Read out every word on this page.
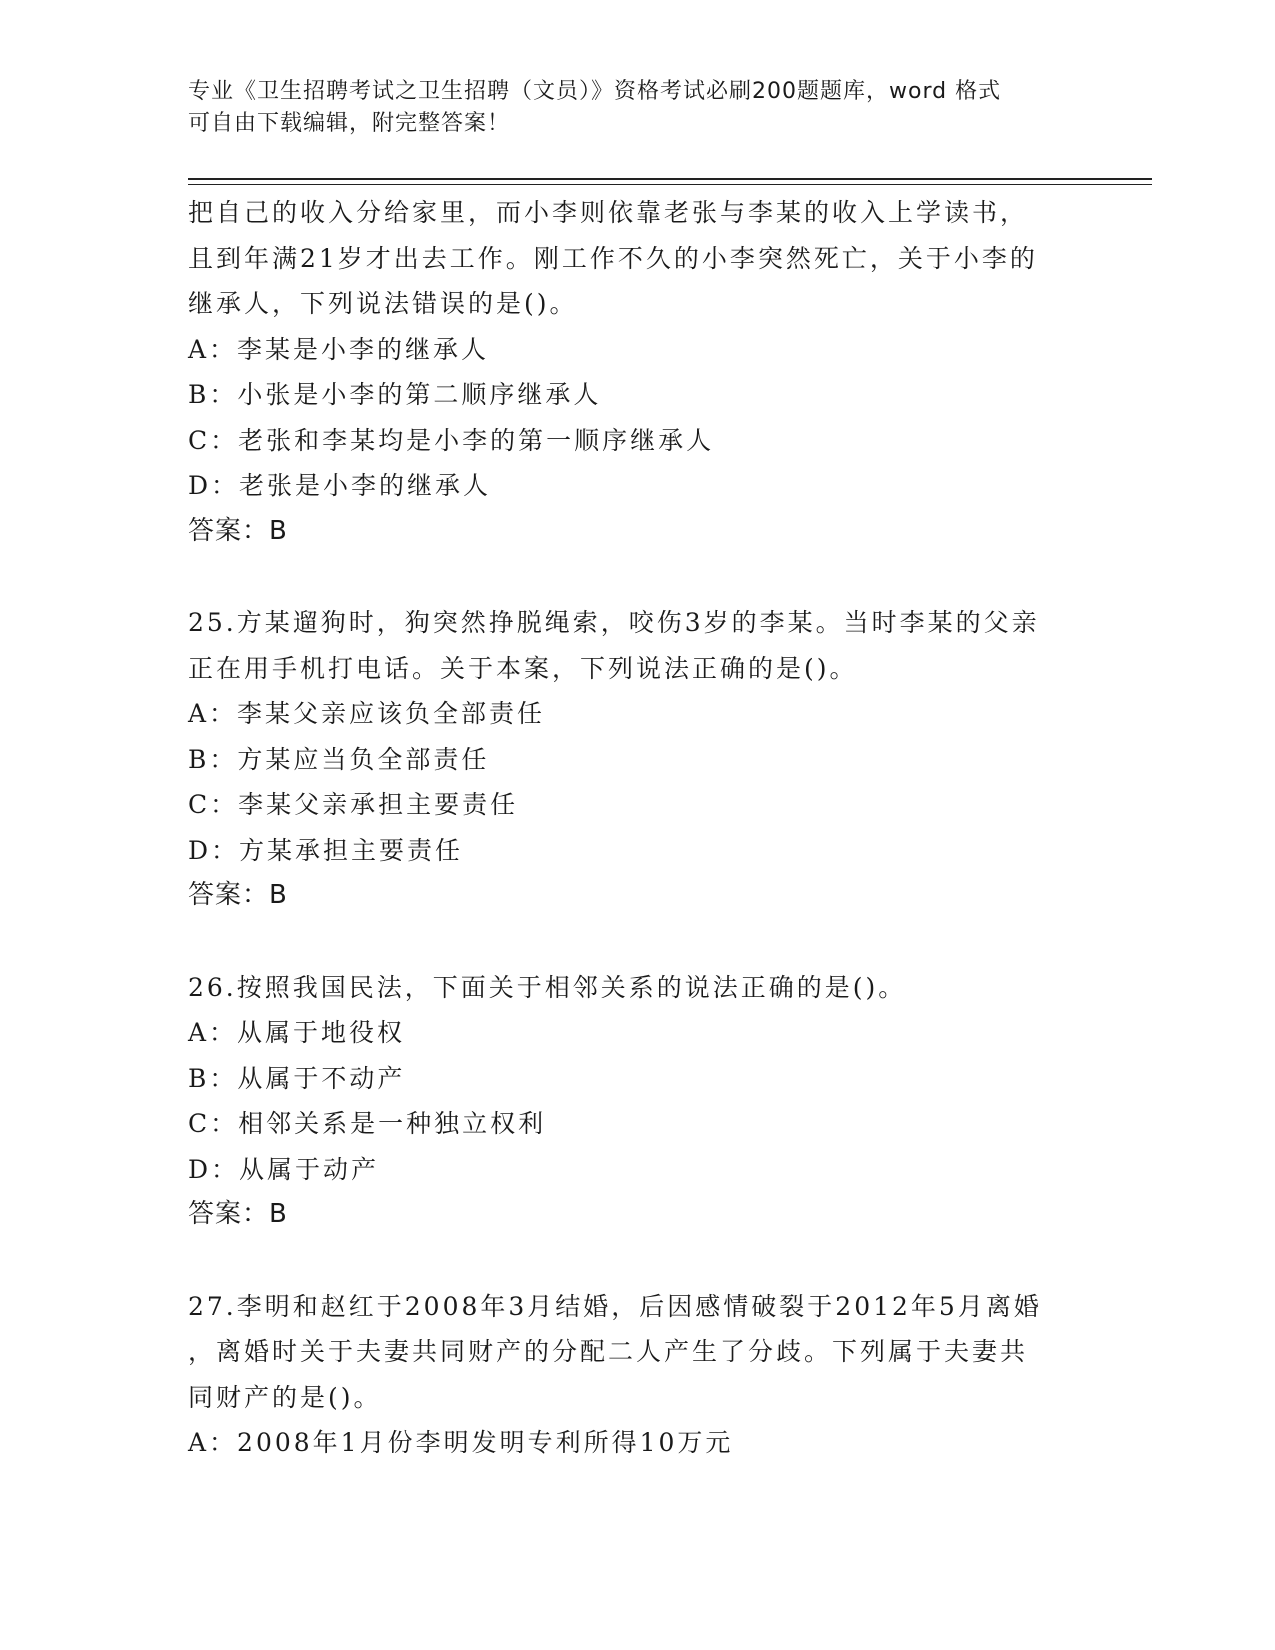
专业《卫生招聘考试之卫生招聘（文员）》资格考试必刷200题题库，word 格式
可自由下载编辑，附完整答案！
把自己的收入分给家里，而小李则依靠老张与李某的收入上学读书，
且到年满21岁才出去工作。刚工作不久的小李突然死亡，关于小李的
继承人，下列说法错误的是()。
A：李某是小李的继承人
B：小张是小李的第二顺序继承人
C：老张和李某均是小李的第一顺序继承人
D：老张是小李的继承人
答案：B
25.方某遛狗时，狗突然挣脱绳索，咬伤3岁的李某。当时李某的父亲
正在用手机打电话。关于本案，下列说法正确的是()。
A：李某父亲应该负全部责任
B：方某应当负全部责任
C：李某父亲承担主要责任
D：方某承担主要责任
答案：B
26.按照我国民法，下面关于相邻关系的说法正确的是()。
A：从属于地役权
B：从属于不动产
C：相邻关系是一种独立权利
D：从属于动产
答案：B
27.李明和赵红于2008年3月结婚，后因感情破裂于2012年5月离婚
，离婚时关于夫妻共同财产的分配二人产生了分歧。下列属于夫妻共
同财产的是()。
A：2008年1月份李明发明专利所得10万元
